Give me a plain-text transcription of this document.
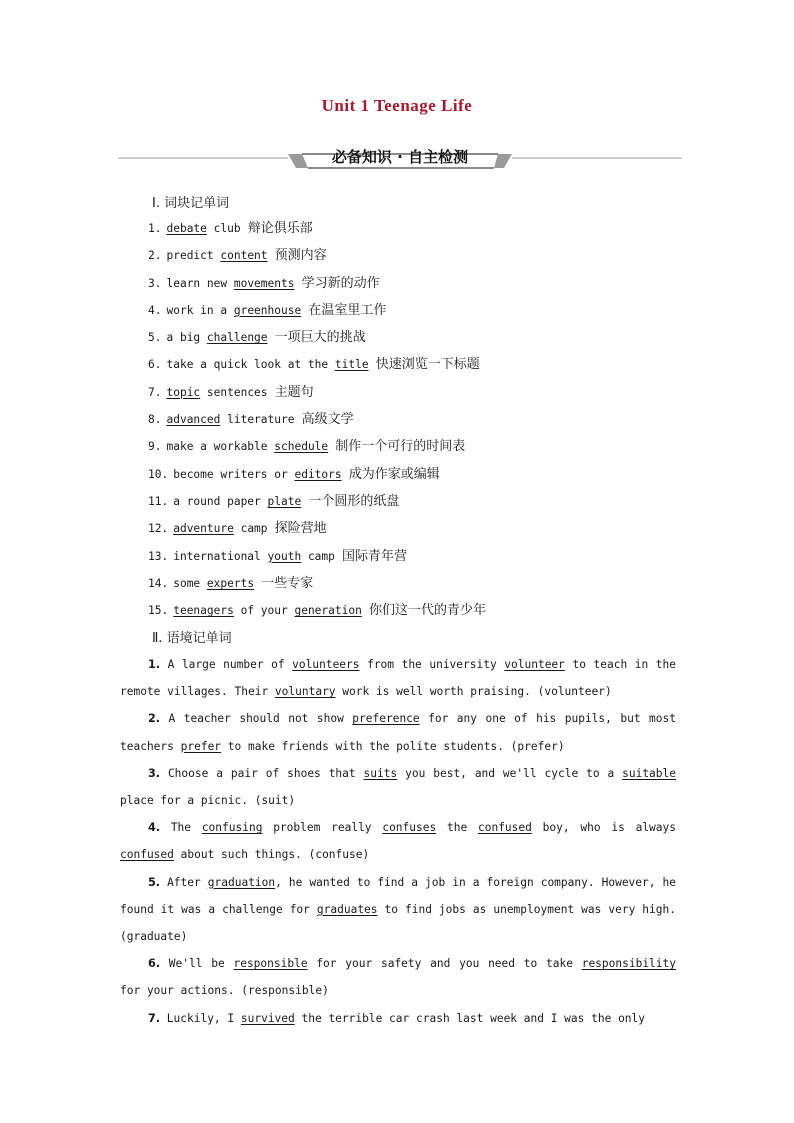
Unit 1 Teenage Life
必备知识 · 自主检测
Ⅰ. 词块记单词
1. debate club 辩论俱乐部
2. predict content 预测内容
3. learn new movements 学习新的动作
4. work in a greenhouse 在温室里工作
5. a big challenge 一项巨大的挑战
6. take a quick look at the title 快速浏览一下标题
7. topic sentences 主题句
8. advanced literature 高级文学
9. make a workable schedule 制作一个可行的时间表
10. become writers or editors 成为作家或编辑
11. a round paper plate 一个圆形的纸盘
12. adventure camp 探险营地
13. international youth camp 国际青年营
14. some experts 一些专家
15. teenagers of your generation 你们这一代的青少年
Ⅱ. 语境记单词

1. A large number of volunteers from the university volunteer to teach in the remote villages. Their voluntary work is well worth praising. (volunteer)

2. A teacher should not show preference for any one of his pupils, but most teachers prefer to make friends with the polite students. (prefer)

3. Choose a pair of shoes that suits you best, and we'll cycle to a suitable place for a picnic. (suit)

4. The confusing problem really confuses the confused boy, who is always confused about such things. (confuse)

5. After graduation, he wanted to find a job in a foreign company. However, he found it was a challenge for graduates to find jobs as unemployment was very high. (graduate)

6. We'll be responsible for your safety and you need to take responsibility for your actions. (responsible)

7. Luckily, I survived the terrible car crash last week and I was the only
